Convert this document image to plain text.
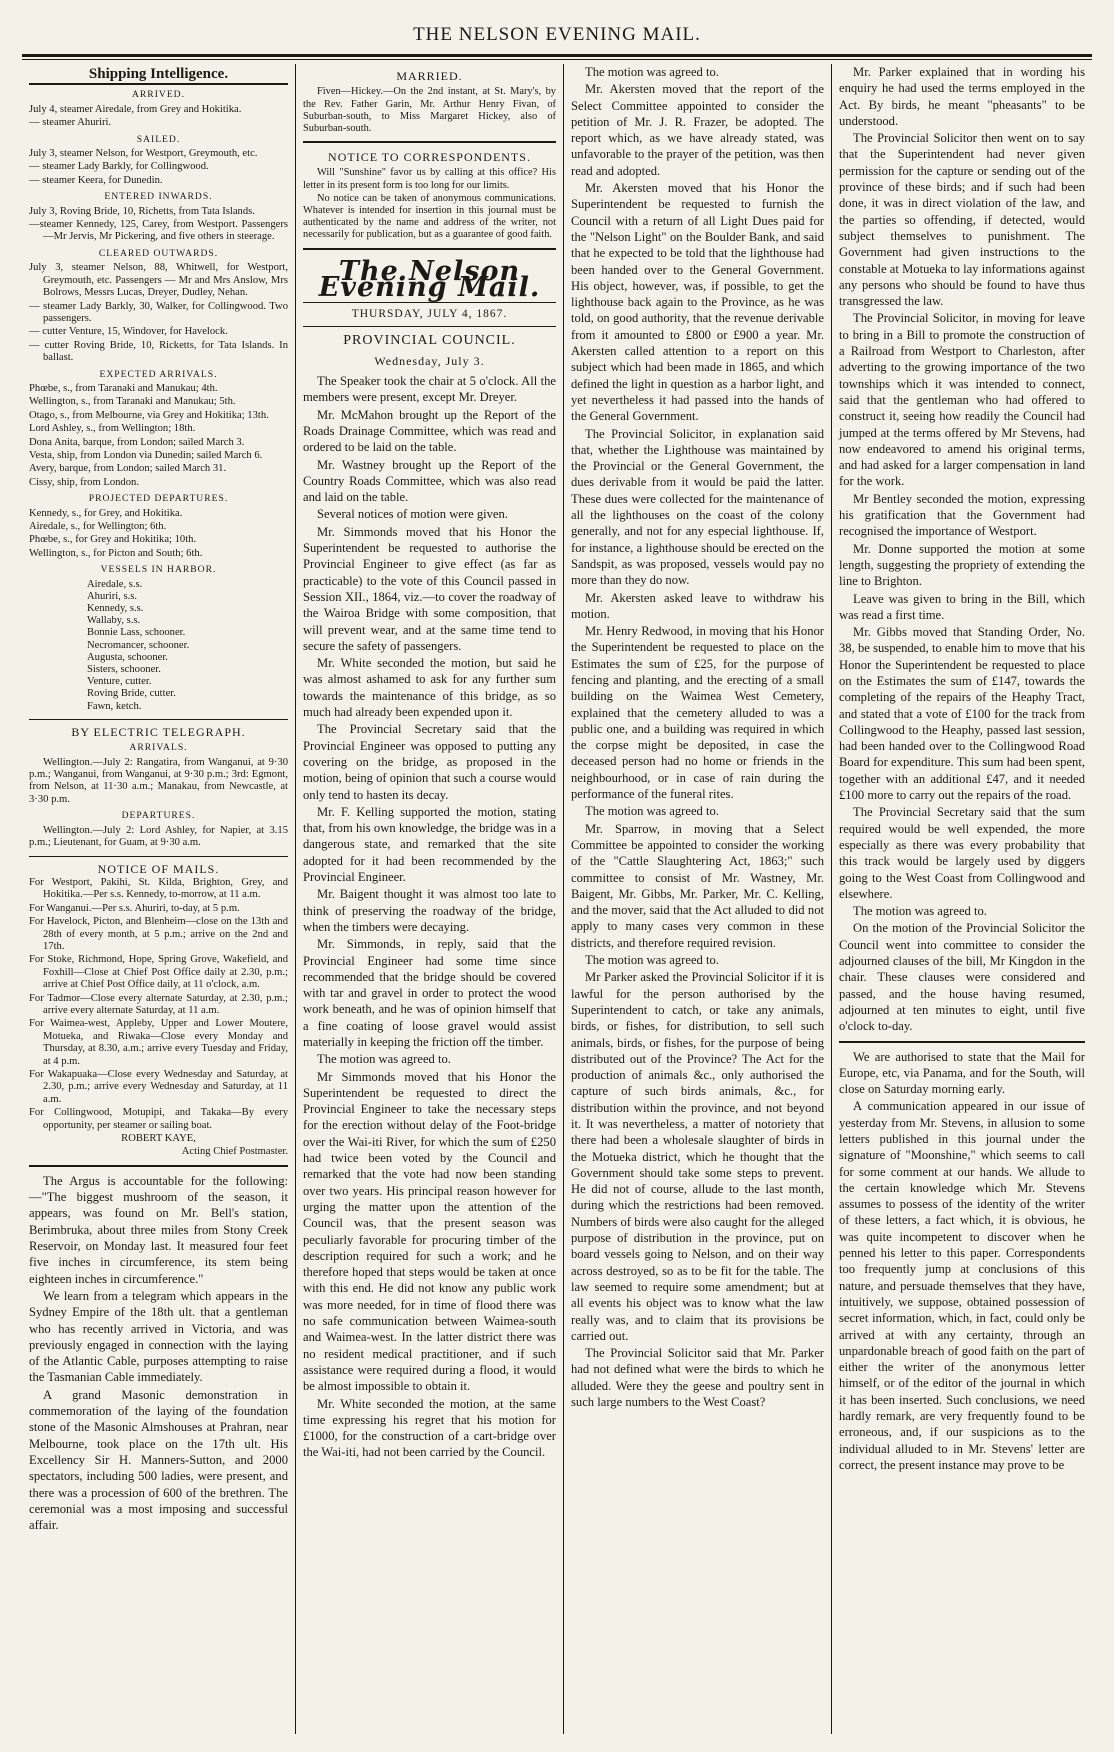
THE NELSON EVENING MAIL.
Shipping Intelligence.
ARRIVED.

July 4, steamer Airedale, from Grey and Hokitika.

— steamer Ahuriri.

SAILED.

July 3, steamer Nelson, for Westport, Greymouth, etc.

— steamer Lady Barkly, for Collingwood.

— steamer Keera, for Dunedin.

ENTERED INWARDS.

July 3, Roving Bride, 10, Richetts, from Tata Islands.

—steamer Kennedy, 125, Carey, from Westport. Passengers—Mr Jervis, Mr Pickering, and five others in steerage.

CLEARED OUTWARDS.

July 3, steamer Nelson, 88, Whitwell, for Westport, Greymouth, etc. Passengers — Mr and Mrs Anslow, Mrs Bolrows, Messrs Lucas, Dreyer, Dudley, Nehan.

— steamer Lady Barkly, 30, Walker, for Collingwood. Two passengers.

— cutter Venture, 15, Windover, for Havelock.

— cutter Roving Bride, 10, Ricketts, for Tata Islands. In ballast.

EXPECTED ARRIVALS.

Phœbe, s., from Taranaki and Manukau; 4th.

Wellington, s., from Taranaki and Manukau; 5th.

Otago, s., from Melbourne, via Grey and Hokitika; 13th.

Lord Ashley, s., from Wellington; 18th.

Dona Anita, barque, from London; sailed March 3.

Vesta, ship, from London via Dunedin; sailed March 6.

Avery, barque, from London; sailed March 31.

Cissy, ship, from London.

PROJECTED DEPARTURES.

Kennedy, s., for Grey, and Hokitika.

Airedale, s., for Wellington; 6th.

Phœbe, s., for Grey and Hokitika; 10th.

Wellington, s., for Picton and South; 6th.

VESSELS IN HARBOR.

Airedale, s.s.

Ahuriri, s.s.

Kennedy, s.s.

Wallaby, s.s.

Bonnie Lass, schooner.

Necromancer, schooner.

Augusta, schooner.

Sisters, schooner.

Venture, cutter.

Roving Bride, cutter.

Fawn, ketch.

BY ELECTRIC TELEGRAPH.
ARRIVALS.

Wellington.—July 2: Rangatira, from Wanganui, at 9·30 p.m.; Wanganui, from Wanganui, at 9·30 p.m.; 3rd: Egmont, from Nelson, at 11·30 a.m.; Manakau, from Newcastle, at 3·30 p.m.

DEPARTURES.

Wellington.—July 2: Lord Ashley, for Napier, at 3.15 p.m.; Lieutenant, for Guam, at 9·30 a.m.

NOTICE OF MAILS.

For Westport, Pakihi, St. Kilda, Brighton, Grey, and Hokitika.—Per s.s. Kennedy, to-morrow, at 11 a.m.

For Wanganui.—Per s.s. Ahuriri, to-day, at 5 p.m.

For Havelock, Picton, and Blenheim—close on the 13th and 28th of every month, at 5 p.m.; arrive on the 2nd and 17th.

For Stoke, Richmond, Hope, Spring Grove, Wakefield, and Foxhill—Close at Chief Post Office daily at 2.30, p.m.; arrive at Chief Post Office daily, at 11 o'clock, a.m.

For Tadmor—Close every alternate Saturday, at 2.30, p.m.; arrive every alternate Saturday, at 11 a.m.

For Waimea-west, Appleby, Upper and Lower Moutere, Motueka, and Riwaka—Close every Monday and Thursday, at 8.30, a.m.; arrive every Tuesday and Friday, at 4 p.m.

For Wakapuaka—Close every Wednesday and Saturday, at 2.30, p.m.; arrive every Wednesday and Saturday, at 11 a.m.

For Collingwood, Motupipi, and Takaka—By every opportunity, per steamer or sailing boat.

ROBERT KAYE,

Acting Chief Postmaster.

The Argus is accountable for the following:—"The biggest mushroom of the season, it appears, was found on Mr. Bell's station, Berimbruka, about three miles from Stony Creek Reservoir, on Monday last. It measured four feet five inches in circumference, its stem being eighteen inches in circumference."

We learn from a telegram which appears in the Sydney Empire of the 18th ult. that a gentleman who has recently arrived in Victoria, and was previously engaged in connection with the laying of the Atlantic Cable, purposes attempting to raise the Tasmanian Cable immediately.

A grand Masonic demonstration in commemoration of the laying of the foundation stone of the Masonic Almshouses at Prahran, near Melbourne, took place on the 17th ult. His Excellency Sir H. Manners-Sutton, and 2000 spectators, including 500 ladies, were present, and there was a procession of 600 of the brethren. The ceremonial was a most imposing and successful affair.

MARRIED.

Fiven—Hickey.—On the 2nd instant, at St. Mary's, by the Rev. Father Garin, Mr. Arthur Henry Fivan, of Suburban-south, to Miss Margaret Hickey, also of Suburban-south.

NOTICE TO CORRESPONDENTS.

Will "Sunshine" favor us by calling at this office? His letter in its present form is too long for our limits.

No notice can be taken of anonymous communications. Whatever is intended for insertion in this journal must be authenticated by the name and address of the writer, not necessarily for publication, but as a guarantee of good faith.

The Nelson Evening Mail.
THURSDAY, JULY 4, 1867.
PROVINCIAL COUNCIL.
Wednesday, July 3.

The Speaker took the chair at 5 o'clock. All the members were present, except Mr. Dreyer.

Mr. McMahon brought up the Report of the Roads Drainage Committee, which was read and ordered to be laid on the table.

Mr. Wastney brought up the Report of the Country Roads Committee, which was also read and laid on the table.

Several notices of motion were given.

Mr. Simmonds moved that his Honor the Superintendent be requested to authorise the Provincial Engineer to give effect (as far as practicable) to the vote of this Council passed in Session XII., 1864, viz.—to cover the roadway of the Wairoa Bridge with some composition, that will prevent wear, and at the same time tend to secure the safety of passengers.

Mr. White seconded the motion, but said he was almost ashamed to ask for any further sum towards the maintenance of this bridge, as so much had already been expended upon it.

The Provincial Secretary said that the Provincial Engineer was opposed to putting any covering on the bridge, as proposed in the motion, being of opinion that such a course would only tend to hasten its decay.

Mr. F. Kelling supported the motion, stating that, from his own knowledge, the bridge was in a dangerous state, and remarked that the site adopted for it had been recommended by the Provincial Engineer.

Mr. Baigent thought it was almost too late to think of preserving the roadway of the bridge, when the timbers were decaying.

Mr. Simmonds, in reply, said that the Provincial Engineer had some time since recommended that the bridge should be covered with tar and gravel in order to protect the wood work beneath, and he was of opinion himself that a fine coating of loose gravel would assist materially in keeping the friction off the timber.

The motion was agreed to.

Mr Simmonds moved that his Honor the Superintendent be requested to direct the Provincial Engineer to take the necessary steps for the erection without delay of the Foot-bridge over the Wai-iti River, for which the sum of £250 had twice been voted by the Council and remarked that the vote had now been standing over two years. His principal reason however for urging the matter upon the attention of the Council was, that the present season was peculiarly favorable for procuring timber of the description required for such a work; and he therefore hoped that steps would be taken at once with this end. He did not know any public work was more needed, for in time of flood there was no safe communication between Waimea-south and Waimea-west. In the latter district there was no resident medical practitioner, and if such assistance were required during a flood, it would be almost impossible to obtain it.

Mr. White seconded the motion, at the same time expressing his regret that his motion for £1000, for the construction of a cart-bridge over the Wai-iti, had not been carried by the Council.

The motion was agreed to.

Mr. Akersten moved that the report of the Select Committee appointed to consider the petition of Mr. J. R. Frazer, be adopted. The report which, as we have already stated, was unfavorable to the prayer of the petition, was then read and adopted.

Mr. Akersten moved that his Honor the Superintendent be requested to furnish the Council with a return of all Light Dues paid for the "Nelson Light" on the Boulder Bank, and said that he expected to be told that the lighthouse had been handed over to the General Government. His object, however, was, if possible, to get the lighthouse back again to the Province, as he was told, on good authority, that the revenue derivable from it amounted to £800 or £900 a year. Mr. Akersten called attention to a report on this subject which had been made in 1865, and which defined the light in question as a harbor light, and yet nevertheless it had passed into the hands of the General Government.

The Provincial Solicitor, in explanation said that, whether the Lighthouse was maintained by the Provincial or the General Government, the dues derivable from it would be paid the latter. These dues were collected for the maintenance of all the lighthouses on the coast of the colony generally, and not for any especial lighthouse. If, for instance, a lighthouse should be erected on the Sandspit, as was proposed, vessels would pay no more than they do now.

Mr. Akersten asked leave to withdraw his motion.

Mr. Henry Redwood, in moving that his Honor the Superintendent be requested to place on the Estimates the sum of £25, for the purpose of fencing and planting, and the erecting of a small building on the Waimea West Cemetery, explained that the cemetery alluded to was a public one, and a building was required in which the corpse might be deposited, in case the deceased person had no home or friends in the neighbourhood, or in case of rain during the performance of the funeral rites.

The motion was agreed to.

Mr. Sparrow, in moving that a Select Committee be appointed to consider the working of the "Cattle Slaughtering Act, 1863;" such committee to consist of Mr. Wastney, Mr. Baigent, Mr. Gibbs, Mr. Parker, Mr. C. Kelling, and the mover, said that the Act alluded to did not apply to many cases very common in these districts, and therefore required revision.

The motion was agreed to.

Mr Parker asked the Provincial Solicitor if it is lawful for the person authorised by the Superintendent to catch, or take any animals, birds, or fishes, for distribution, to sell such animals, birds, or fishes, for the purpose of being distributed out of the Province? The Act for the production of animals &c., only authorised the capture of such birds animals, &c., for distribution within the province, and not beyond it. It was nevertheless, a matter of notoriety that there had been a wholesale slaughter of birds in the Motueka district, which he thought that the Government should take some steps to prevent. He did not of course, allude to the last month, during which the restrictions had been removed. Numbers of birds were also caught for the alleged purpose of distribution in the province, put on board vessels going to Nelson, and on their way across destroyed, so as to be fit for the table. The law seemed to require some amendment; but at all events his object was to know what the law really was, and to claim that its provisions be carried out.

The Provincial Solicitor said that Mr. Parker had not defined what were the birds to which he alluded. Were they the geese and poultry sent in such large numbers to the West Coast?

Mr. Parker explained that in wording his enquiry he had used the terms employed in the Act. By birds, he meant "pheasants" to be understood.

The Provincial Solicitor then went on to say that the Superintendent had never given permission for the capture or sending out of the province of these birds; and if such had been done, it was in direct violation of the law, and the parties so offending, if detected, would subject themselves to punishment. The Government had given instructions to the constable at Motueka to lay informations against any persons who should be found to have thus transgressed the law.

The Provincial Solicitor, in moving for leave to bring in a Bill to promote the construction of a Railroad from Westport to Charleston, after adverting to the growing importance of the two townships which it was intended to connect, said that the gentleman who had offered to construct it, seeing how readily the Council had jumped at the terms offered by Mr Stevens, had now endeavored to amend his original terms, and had asked for a larger compensation in land for the work.

Mr Bentley seconded the motion, expressing his gratification that the Government had recognised the importance of Westport.

Mr. Donne supported the motion at some length, suggesting the propriety of extending the line to Brighton.

Leave was given to bring in the Bill, which was read a first time.

Mr. Gibbs moved that Standing Order, No. 38, be suspended, to enable him to move that his Honor the Superintendent be requested to place on the Estimates the sum of £147, towards the completing of the repairs of the Heaphy Tract, and stated that a vote of £100 for the track from Collingwood to the Heaphy, passed last session, had been handed over to the Collingwood Road Board for expenditure. This sum had been spent, together with an additional £47, and it needed £100 more to carry out the repairs of the road.

The Provincial Secretary said that the sum required would be well expended, the more especially as there was every probability that this track would be largely used by diggers going to the West Coast from Collingwood and elsewhere.

The motion was agreed to.

On the motion of the Provincial Solicitor the Council went into committee to consider the adjourned clauses of the bill, Mr Kingdon in the chair. These clauses were considered and passed, and the house having resumed, adjourned at ten minutes to eight, until five o'clock to-day.

We are authorised to state that the Mail for Europe, etc, via Panama, and for the South, will close on Saturday morning early.

A communication appeared in our issue of yesterday from Mr. Stevens, in allusion to some letters published in this journal under the signature of "Moonshine," which seems to call for some comment at our hands. We allude to the certain knowledge which Mr. Stevens assumes to possess of the identity of the writer of these letters, a fact which, it is obvious, he was quite incompetent to discover when he penned his letter to this paper. Correspondents too frequently jump at conclusions of this nature, and persuade themselves that they have, intuitively, we suppose, obtained possession of secret information, which, in fact, could only be arrived at with any certainty, through an unpardonable breach of good faith on the part of either the writer of the anonymous letter himself, or of the editor of the journal in which it has been inserted. Such conclusions, we need hardly remark, are very frequently found to be erroneous, and, if our suspicions as to the individual alluded to in Mr. Stevens' letter are correct, the present instance may prove to be
